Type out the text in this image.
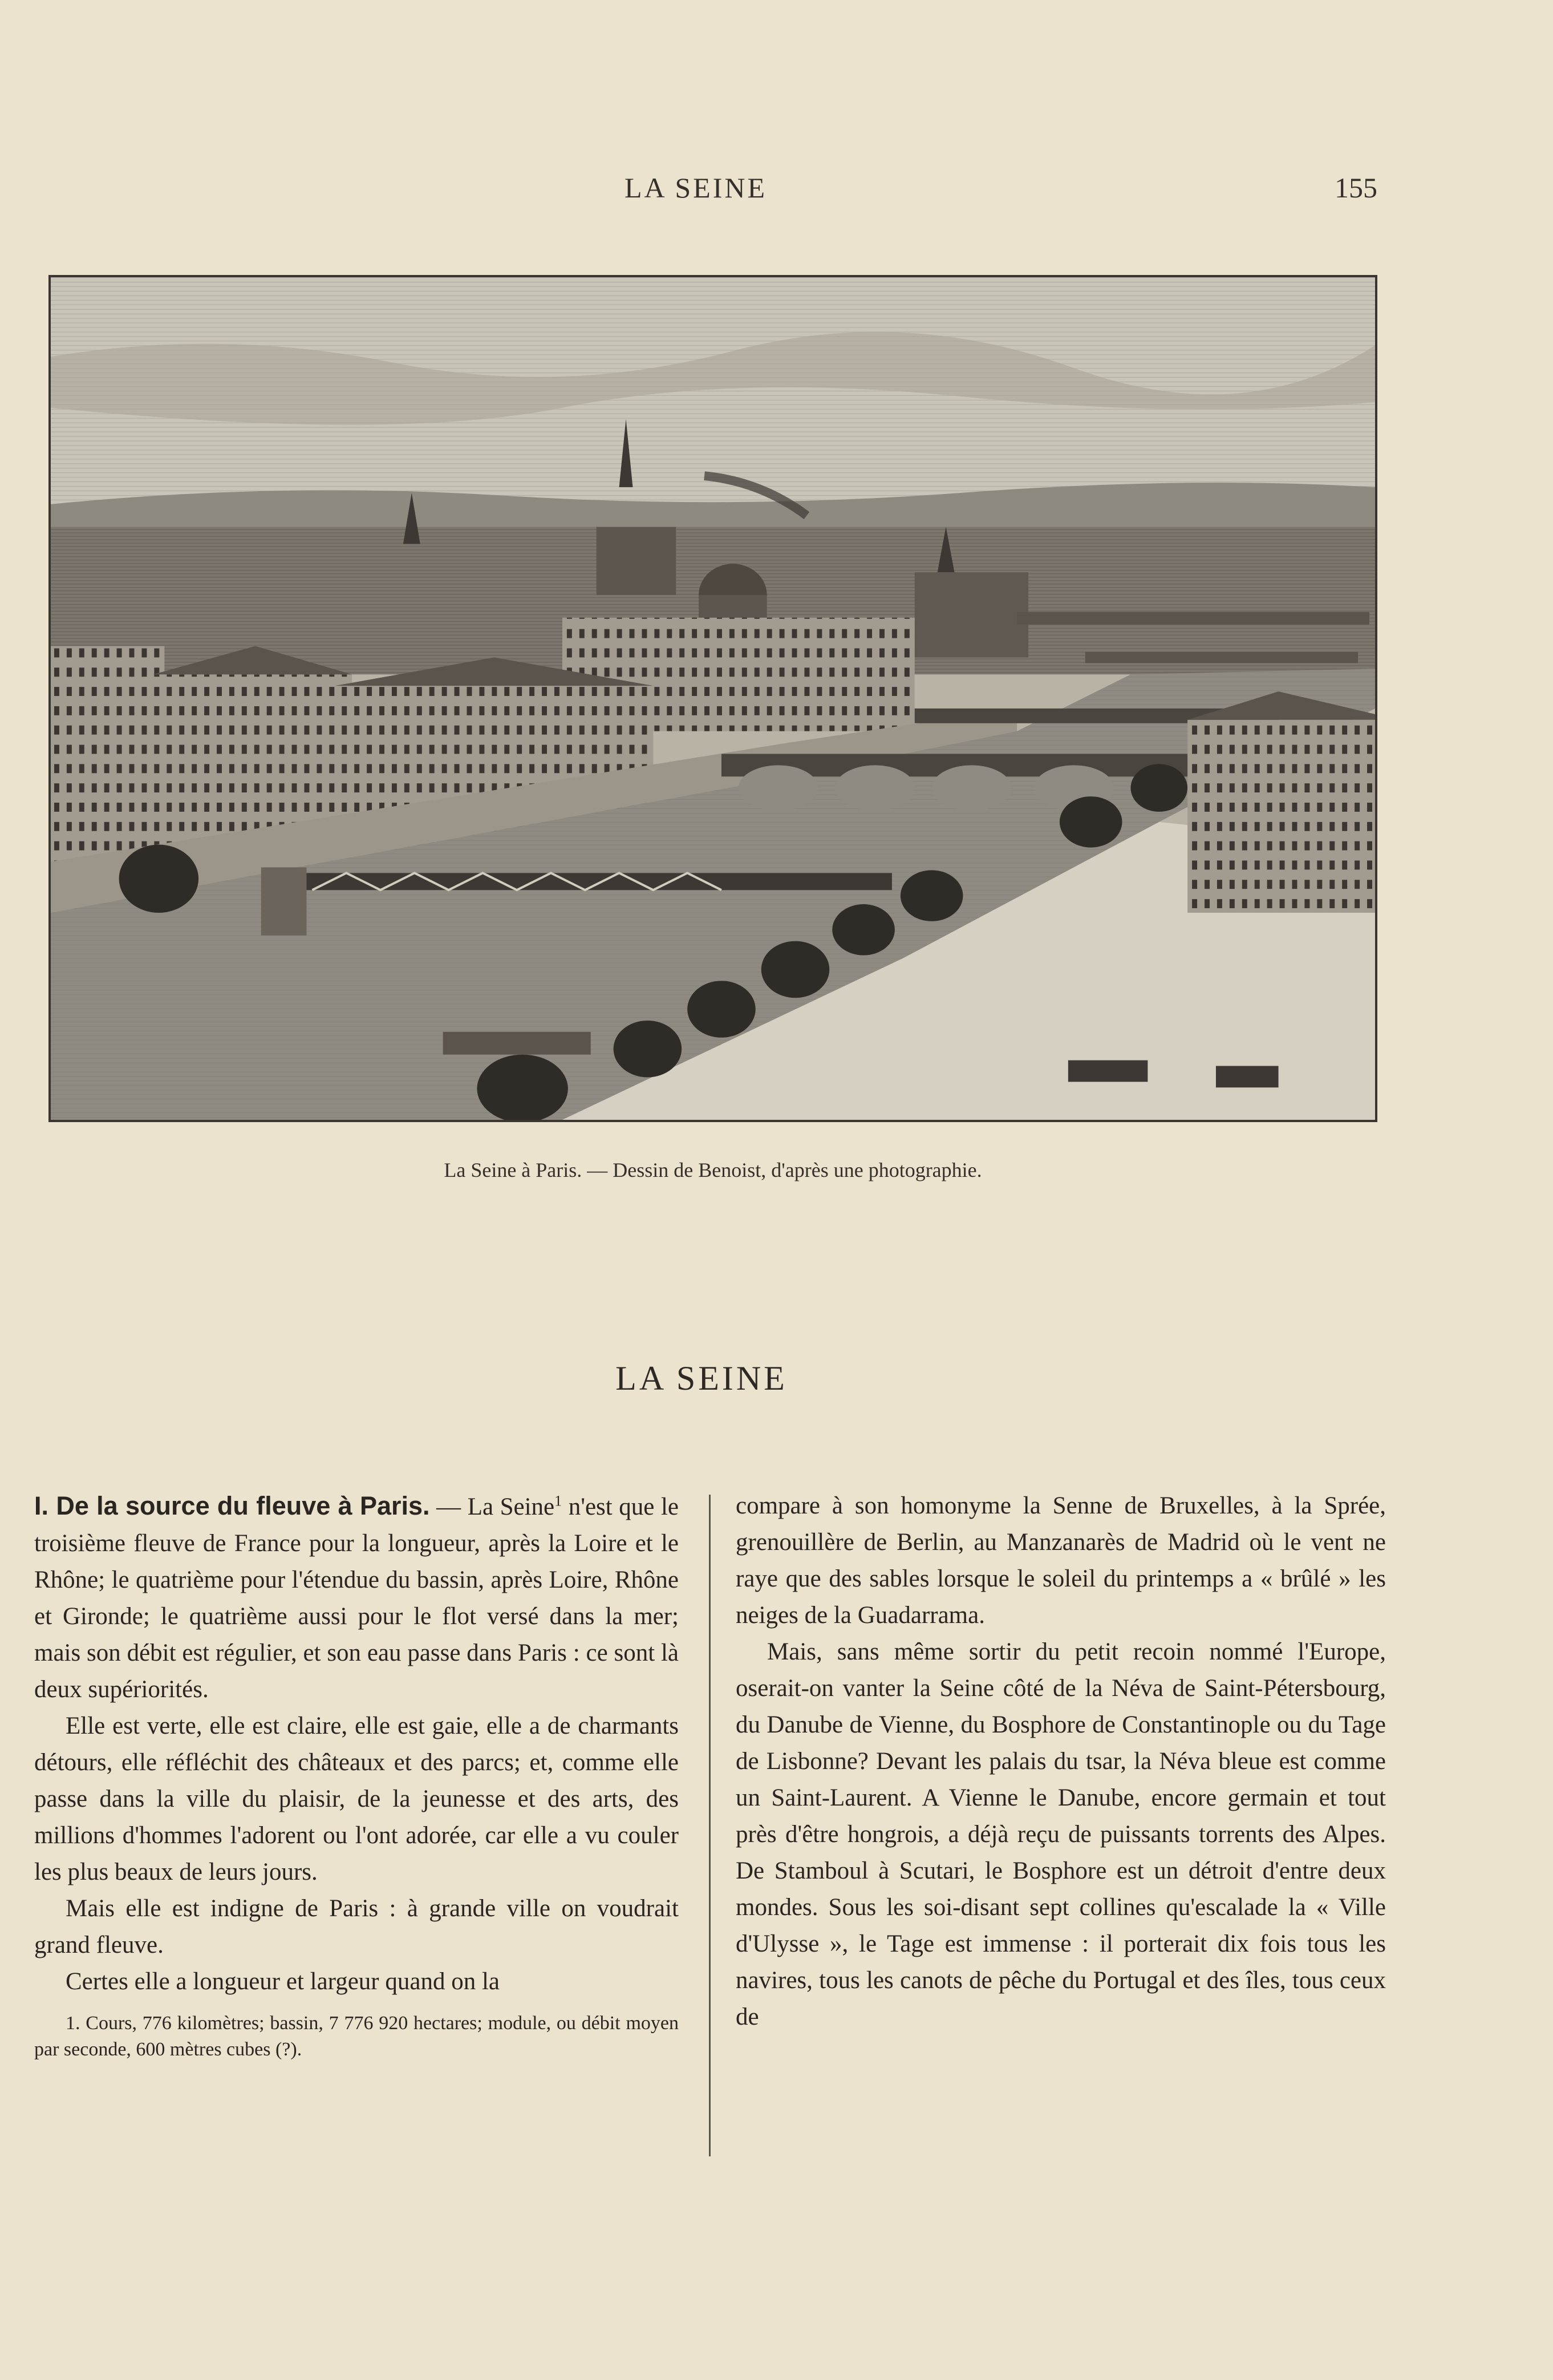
LA SEINE	155
La Seine à Paris. — Dessin de Benoist, d'après une photographie.
LA SEINE

I. De la source du fleuve à Paris. — La Seine$^1$ n'est que le troisième fleuve de France pour la longueur, après la Loire et le Rhône; le quatrième pour l'étendue du bassin, après Loire, Rhône et Gironde; le quatrième aussi pour le flot versé dans la mer; mais son débit est régulier, et son eau passe dans Paris : ce sont là deux supériorités.

Elle est verte, elle est claire, elle est gaie, elle a de charmants détours, elle réfléchit des châteaux et des parcs; et, comme elle passe dans la ville du plaisir, de la jeunesse et des arts, des millions d'hommes l'adorent ou l'ont adorée, car elle a vu couler les plus beaux de leurs jours.

Mais elle est indigne de Paris : à grande ville on voudrait grand fleuve.

Certes elle a longueur et largeur quand on la

1. Cours, 776 kilomètres; bassin, 7 776 920 hectares; module, ou débit moyen par seconde, 600 mètres cubes (?).

compare à son homonyme la Senne de Bruxelles, à la Sprée, grenouillère de Berlin, au Manzanarès de Madrid où le vent ne raye que des sables lorsque le soleil du printemps a « brûlé » les neiges de la Guadarrama.

Mais, sans même sortir du petit recoin nommé l'Europe, oserait-on vanter la Seine côté de la Néva de Saint-Pétersbourg, du Danube de Vienne, du Bosphore de Constantinople ou du Tage de Lisbonne? Devant les palais du tsar, la Néva bleue est comme un Saint-Laurent. A Vienne le Danube, encore germain et tout près d'être hongrois, a déjà reçu de puissants torrents des Alpes. De Stamboul à Scutari, le Bosphore est un détroit d'entre deux mondes. Sous les soi-disant sept collines qu'escalade la « Ville d'Ulysse », le Tage est immense : il porterait dix fois tous les navires, tous les canots de pêche du Portugal et des îles, tous ceux de
